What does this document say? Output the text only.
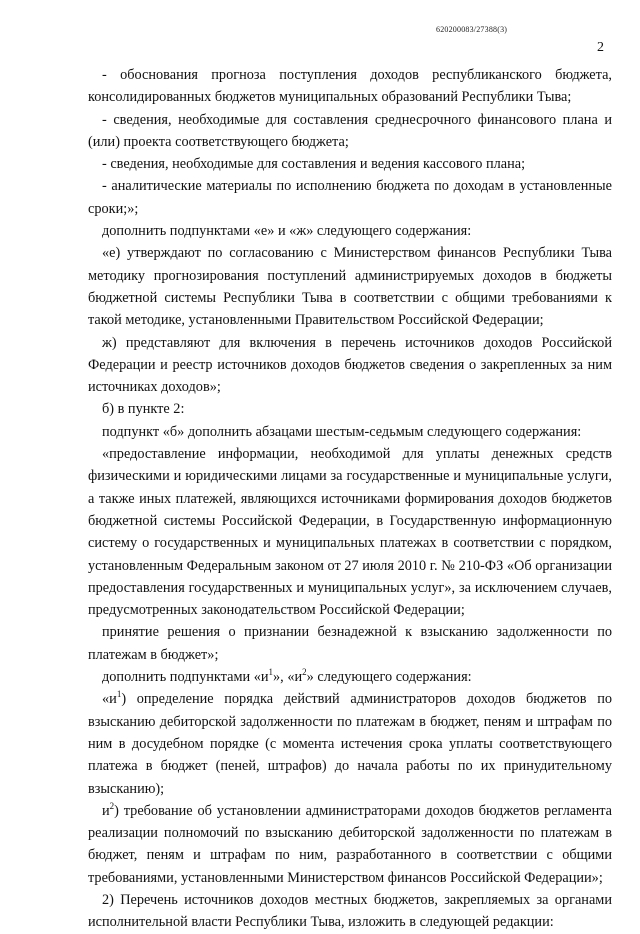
620200083/27388(3)
2

- обоснования прогноза поступления доходов республиканского бюджета, консолидированных бюджетов муниципальных образований Республики Тыва;

- сведения, необходимые для составления среднесрочного финансового плана и (или) проекта соответствующего бюджета;

- сведения, необходимые для составления и ведения кассового плана;

- аналитические материалы по исполнению бюджета по доходам в установленные сроки;»;

дополнить подпунктами «е» и «ж» следующего содержания:

«е) утверждают по согласованию с Министерством финансов Республики Тыва методику прогнозирования поступлений администрируемых доходов в бюджеты бюджетной системы Республики Тыва в соответствии с общими требованиями к такой методике, установленными Правительством Российской Федерации;

ж) представляют для включения в перечень источников доходов Российской Федерации и реестр источников доходов бюджетов сведения о закрепленных за ним источниках доходов»;

б) в пункте 2:

подпункт «б» дополнить абзацами шестым-седьмым следующего содержания:

«предоставление информации, необходимой для уплаты денежных средств физическими и юридическими лицами за государственные и муниципальные услуги, а также иных платежей, являющихся источниками формирования доходов бюджетов бюджетной системы Российской Федерации, в Государственную информационную систему о государственных и муниципальных платежах в соответствии с порядком, установленным Федеральным законом от 27 июля 2010 г. № 210-ФЗ «Об организации предоставления государственных и муниципальных услуг», за исключением случаев, предусмотренных законодательством Российской Федерации;

принятие решения о признании безнадежной к взысканию задолженности по платежам в бюджет»;

дополнить подпунктами «$и^1$», «$и^2$» следующего содержания:

«$и^1$) определение порядка действий администраторов доходов бюджетов по взысканию дебиторской задолженности по платежам в бюджет, пеням и штрафам по ним в досудебном порядке (с момента истечения срока уплаты соответствующего платежа в бюджет (пеней, штрафов) до начала работы по их принудительному взысканию);

$и^2$) требование об установлении администраторами доходов бюджетов регламента реализации полномочий по взысканию дебиторской задолженности по платежам в бюджет, пеням и штрафам по ним, разработанного в соответствии с общими требованиями, установленными Министерством финансов Российской Федерации»;

2) Перечень источников доходов местных бюджетов, закрепляемых за органами исполнительной власти Республики Тыва, изложить в следующей редакции:
